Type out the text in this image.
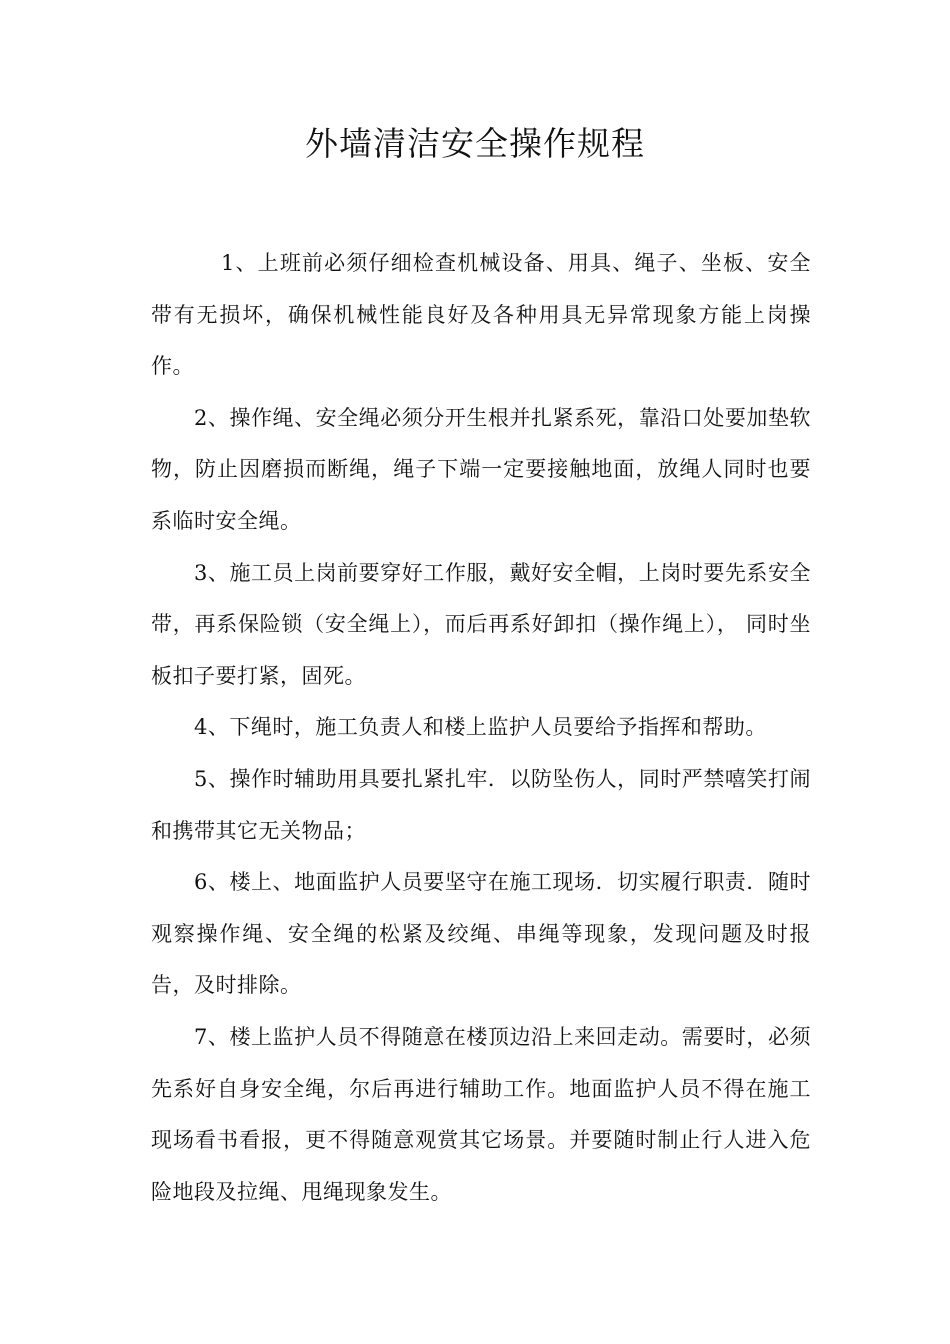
外墙清洁安全操作规程

1、上班前必须仔细检查机械设备、用具、绳子、坐板、安全带有无损坏，确保机械性能良好及各种用具无异常现象方能上岗操作。

2、操作绳、安全绳必须分开生根并扎紧系死，靠沿口处要加垫软物，防止因磨损而断绳，绳子下端一定要接触地面，放绳人同时也要系临时安全绳。

3、施工员上岗前要穿好工作服，戴好安全帽，上岗时要先系安全带，再系保险锁（安全绳上），而后再系好卸扣（操作绳上）， 同时坐板扣子要打紧，固死。

4、下绳时，施工负责人和楼上监护人员要给予指挥和帮助。

5、操作时辅助用具要扎紧扎牢．以防坠伤人，同时严禁嘻笑打闹和携带其它无关物品；

6、楼上、地面监护人员要坚守在施工现场．切实履行职责．随时观察操作绳、安全绳的松紧及绞绳、串绳等现象，发现问题及时报告，及时排除。

7、楼上监护人员不得随意在楼顶边沿上来回走动。需要时，必须先系好自身安全绳，尔后再进行辅助工作。地面监护人员不得在施工现场看书看报，更不得随意观赏其它场景。并要随时制止行人进入危险地段及拉绳、甩绳现象发生。
